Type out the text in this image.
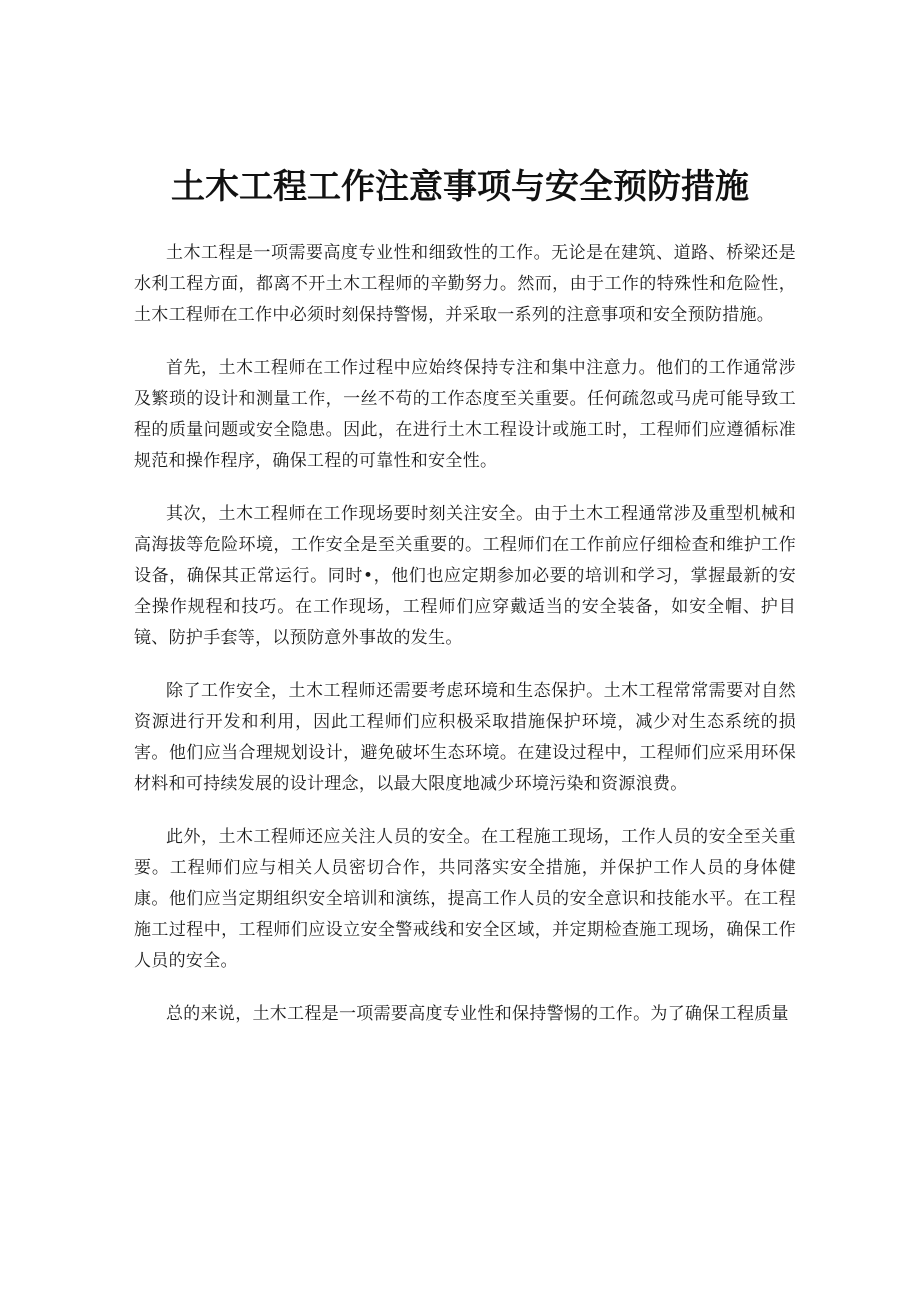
土木工程工作注意事项与安全预防措施

土木工程是一项需要高度专业性和细致性的工作。无论是在建筑、道路、桥梁还是水利工程方面，都离不开土木工程师的辛勤努力。然而，由于工作的特殊性和危险性，土木工程师在工作中必须时刻保持警惕，并采取一系列的注意事项和安全预防措施。

首先，土木工程师在工作过程中应始终保持专注和集中注意力。他们的工作通常涉及繁琐的设计和测量工作，一丝不苟的工作态度至关重要。任何疏忽或马虎可能导致工程的质量问题或安全隐患。因此，在进行土木工程设计或施工时，工程师们应遵循标准规范和操作程序，确保工程的可靠性和安全性。

其次，土木工程师在工作现场要时刻关注安全。由于土木工程通常涉及重型机械和高海拔等危险环境，工作安全是至关重要的。工程师们在工作前应仔细检查和维护工作设备，确保其正常运行。同时•，他们也应定期参加必要的培训和学习，掌握最新的安全操作规程和技巧。在工作现场，工程师们应穿戴适当的安全装备，如安全帽、护目镜、防护手套等，以预防意外事故的发生。

除了工作安全，土木工程师还需要考虑环境和生态保护。土木工程常常需要对自然资源进行开发和利用，因此工程师们应积极采取措施保护环境，减少对生态系统的损害。他们应当合理规划设计，避免破坏生态环境。在建设过程中，工程师们应采用环保材料和可持续发展的设计理念，以最大限度地减少环境污染和资源浪费。

此外，土木工程师还应关注人员的安全。在工程施工现场，工作人员的安全至关重要。工程师们应与相关人员密切合作，共同落实安全措施，并保护工作人员的身体健康。他们应当定期组织安全培训和演练，提高工作人员的安全意识和技能水平。在工程施工过程中，工程师们应设立安全警戒线和安全区域，并定期检查施工现场，确保工作人员的安全。

总的来说，土木工程是一项需要高度专业性和保持警惕的工作。为了确保工程质量
